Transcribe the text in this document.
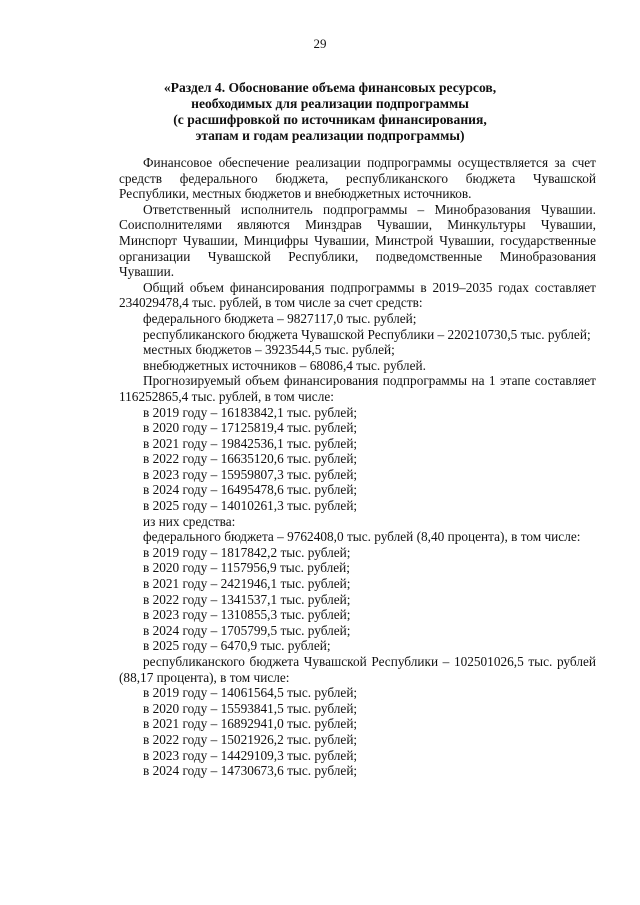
29
«Раздел 4. Обоснование объема финансовых ресурсов,
необходимых для реализации подпрограммы
(с расшифровкой по источникам финансирования,
этапам и годам реализации подпрограммы)

Финансовое обеспечение реализации подпрограммы осуществляется за счет средств федерального бюджета, республиканского бюджета Чувашской Республики, местных бюджетов и внебюджетных источников.

Ответственный исполнитель подпрограммы – Минобразования Чувашии. Соисполнителями являются Минздрав Чувашии, Минкультуры Чувашии, Минспорт Чувашии, Минцифры Чувашии, Минстрой Чувашии, государственные организации Чувашской Республики, подведомственные Минобразования Чувашии.

Общий объем финансирования подпрограммы в 2019–2035 годах составляет 234029478,4 тыс. рублей, в том числе за счет средств:

федерального бюджета – 9827117,0 тыс. рублей;

республиканского бюджета Чувашской Республики – 220210730,5 тыс. рублей;

местных бюджетов – 3923544,5 тыс. рублей;

внебюджетных источников – 68086,4 тыс. рублей.

Прогнозируемый объем финансирования подпрограммы на 1 этапе составляет 116252865,4 тыс. рублей, в том числе:

в 2019 году – 16183842,1 тыс. рублей;
в 2020 году – 17125819,4 тыс. рублей;
в 2021 году – 19842536,1 тыс. рублей;
в 2022 году – 16635120,6 тыс. рублей;
в 2023 году – 15959807,3 тыс. рублей;
в 2024 году – 16495478,6 тыс. рублей;
в 2025 году – 14010261,3 тыс. рублей;

из них средства:

федерального бюджета – 9762408,0 тыс. рублей (8,40 процента), в том числе:

в 2019 году – 1817842,2 тыс. рублей;
в 2020 году – 1157956,9 тыс. рублей;
в 2021 году – 2421946,1 тыс. рублей;
в 2022 году – 1341537,1 тыс. рублей;
в 2023 году – 1310855,3 тыс. рублей;
в 2024 году – 1705799,5 тыс. рублей;
в 2025 году – 6470,9 тыс. рублей;

республиканского бюджета Чувашской Республики – 102501026,5 тыс. рублей (88,17 процента), в том числе:

в 2019 году – 14061564,5 тыс. рублей;
в 2020 году – 15593841,5 тыс. рублей;
в 2021 году – 16892941,0 тыс. рублей;
в 2022 году – 15021926,2 тыс. рублей;
в 2023 году – 14429109,3 тыс. рублей;
в 2024 году – 14730673,6 тыс. рублей;
